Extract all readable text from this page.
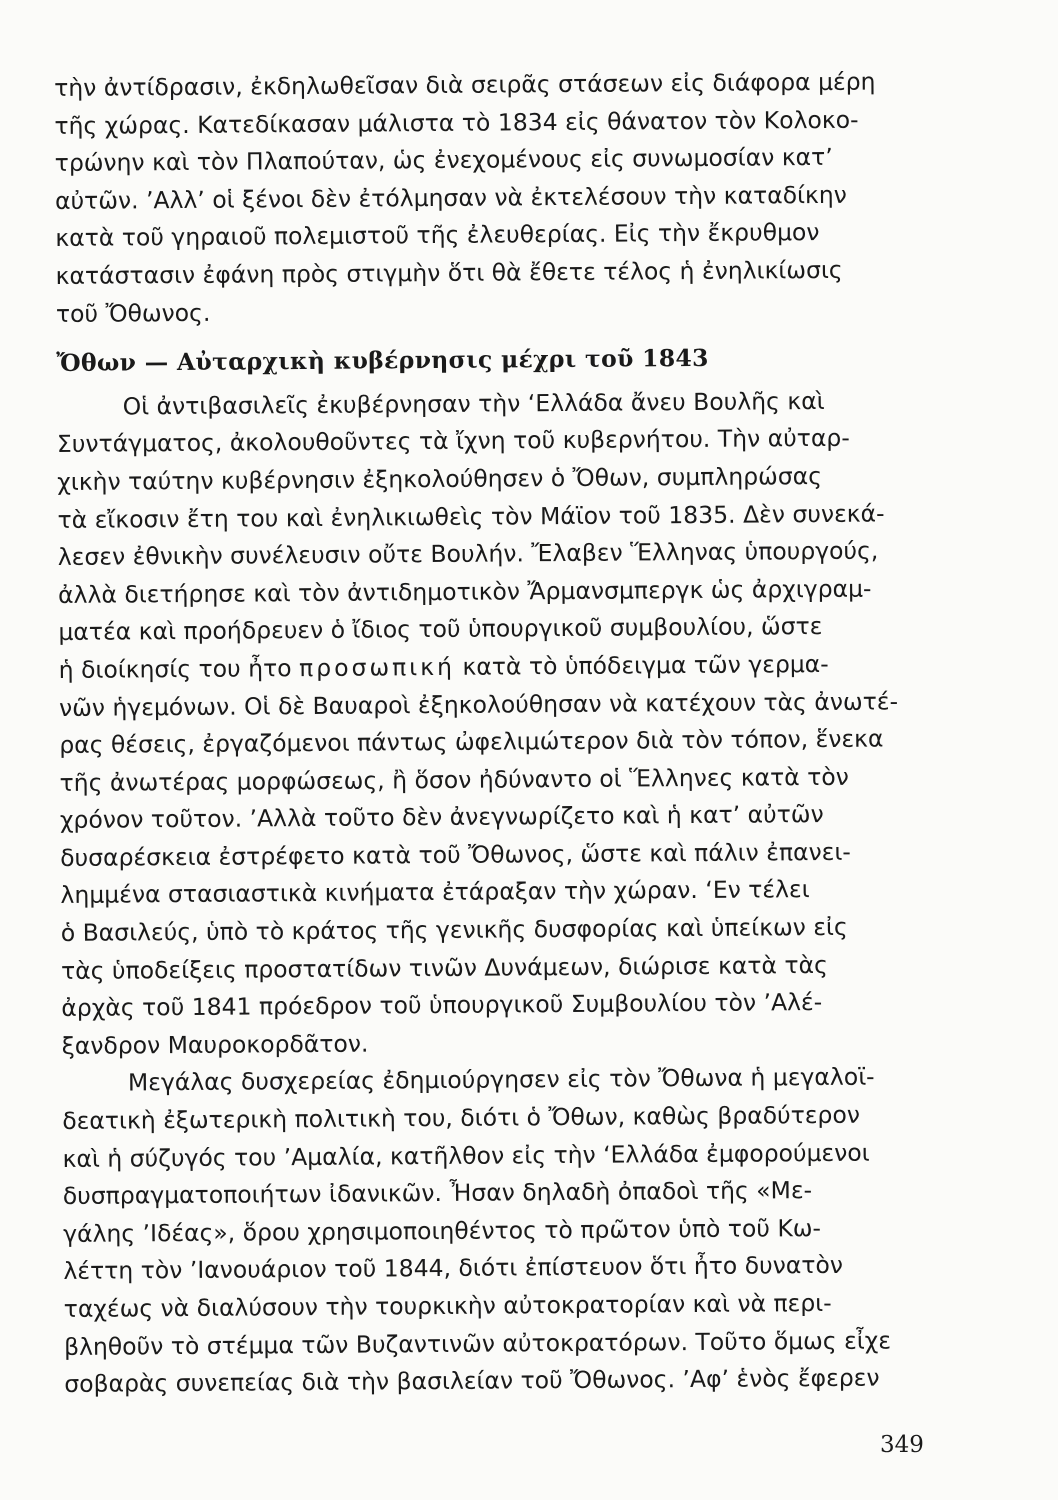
τὴν ἀντίδρασιν, ἐκδηλωθεῖσαν διὰ σειρᾶς στάσεων εἰς διάφορα μέρη
τῆς χώρας. Κατεδίκασαν μάλιστα τὸ 1834 εἰς θάνατον τὸν Κολοκο-
τρώνην καὶ τὸν Πλαπούταν, ὡς ἐνεχομένους εἰς συνωμοσίαν κατ’
αὐτῶν. ’Αλλ’ οἱ ξένοι δὲν ἐτόλμησαν νὰ ἐκτελέσουν τὴν καταδίκην
κατὰ τοῦ γηραιοῦ πολεμιστοῦ τῆς ἐλευθερίας. Εἰς τὴν ἔκρυθμον
κατάστασιν ἐφάνη πρὸς στιγμὴν ὅτι θὰ ἔθετε τέλος ἡ ἐνηλικίωσις
τοῦ Ὄθωνος.
Ὄθων — Αὐταρχικὴ κυβέρνησις μέχρι τοῦ 1843
Οἱ ἀντιβασιλεῖς ἐκυβέρνησαν τὴν ‘Ελλάδα ἄνευ Βουλῆς καὶ
Συντάγματος, ἀκολουθοῦντες τὰ ἴχνη τοῦ κυβερνήτου. Τὴν αὐταρ-
χικὴν ταύτην κυβέρνησιν ἐξηκολούθησεν ὁ Ὄθων, συμπληρώσας
τὰ εἴκοσιν ἔτη του καὶ ἐνηλικιωθεὶς τὸν Μάϊον τοῦ 1835. Δὲν συνεκά-
λεσεν ἐθνικὴν συνέλευσιν οὔτε Βουλήν. Ἔλαβεν Ἕλληνας ὑπουργούς,
ἀλλὰ διετήρησε καὶ τὸν ἀντιδημοτικὸν Ἄρμανσμπεργκ ὡς ἀρχιγραμ-
ματέα καὶ προήδρευεν ὁ ἴδιος τοῦ ὑπουργικοῦ συμβουλίου, ὥστε
ἡ διοίκησίς του ἦτο προσωπική κατὰ τὸ ὑπόδειγμα τῶν γερμα-
νῶν ἡγεμόνων. Οἱ δὲ Βαυαροὶ ἐξηκολούθησαν νὰ κατέχουν τὰς ἀνωτέ-
ρας θέσεις, ἐργαζόμενοι πάντως ὠφελιμώτερον διὰ τὸν τόπον, ἕνεκα
τῆς ἀνωτέρας μορφώσεως, ἢ ὅσον ἠδύναντο οἱ Ἕλληνες κατὰ τὸν
χρόνον τοῦτον. ’Αλλὰ τοῦτο δὲν ἀνεγνωρίζετο καὶ ἡ κατ’ αὐτῶν
δυσαρέσκεια ἐστρέφετο κατὰ τοῦ Ὄθωνος, ὥστε καὶ πάλιν ἐπανει-
λημμένα στασιαστικὰ κινήματα ἐτάραξαν τὴν χώραν. ‘Εν τέλει
ὁ Βασιλεύς, ὑπὸ τὸ κράτος τῆς γενικῆς δυσφορίας καὶ ὑπείκων εἰς
τὰς ὑποδείξεις προστατίδων τινῶν Δυνάμεων, διώρισε κατὰ τὰς
ἀρχὰς τοῦ 1841 πρόεδρον τοῦ ὑπουργικοῦ Συμβουλίου τὸν ’Αλέ-
ξανδρον Μαυροκορδᾶτον.
Μεγάλας δυσχερείας ἐδημιούργησεν εἰς τὸν Ὄθωνα ἡ μεγαλοϊ-
δεατικὴ ἐξωτερικὴ πολιτικὴ του, διότι ὁ Ὄθων, καθὼς βραδύτερον
καὶ ἡ σύζυγός του ’Αμαλία, κατῆλθον εἰς τὴν ‘Ελλάδα ἐμφορούμενοι
δυσπραγματοποιήτων ἰδανικῶν. Ἦσαν δηλαδὴ ὀπαδοὶ τῆς «Με-
γάλης ’Ιδέας», ὅρου χρησιμοποιηθέντος τὸ πρῶτον ὑπὸ τοῦ Κω-
λέττη τὸν ’Ιανουάριον τοῦ 1844, διότι ἐπίστευον ὅτι ἦτο δυνατὸν
ταχέως νὰ διαλύσουν τὴν τουρκικὴν αὐτοκρατορίαν καὶ νὰ περι-
βληθοῦν τὸ στέμμα τῶν Βυζαντινῶν αὐτοκρατόρων. Τοῦτο ὅμως εἶχε
σοβαρὰς συνεπείας διὰ τὴν βασιλείαν τοῦ Ὄθωνος. ’Αφ’ ἑνὸς ἔφερεν
349
